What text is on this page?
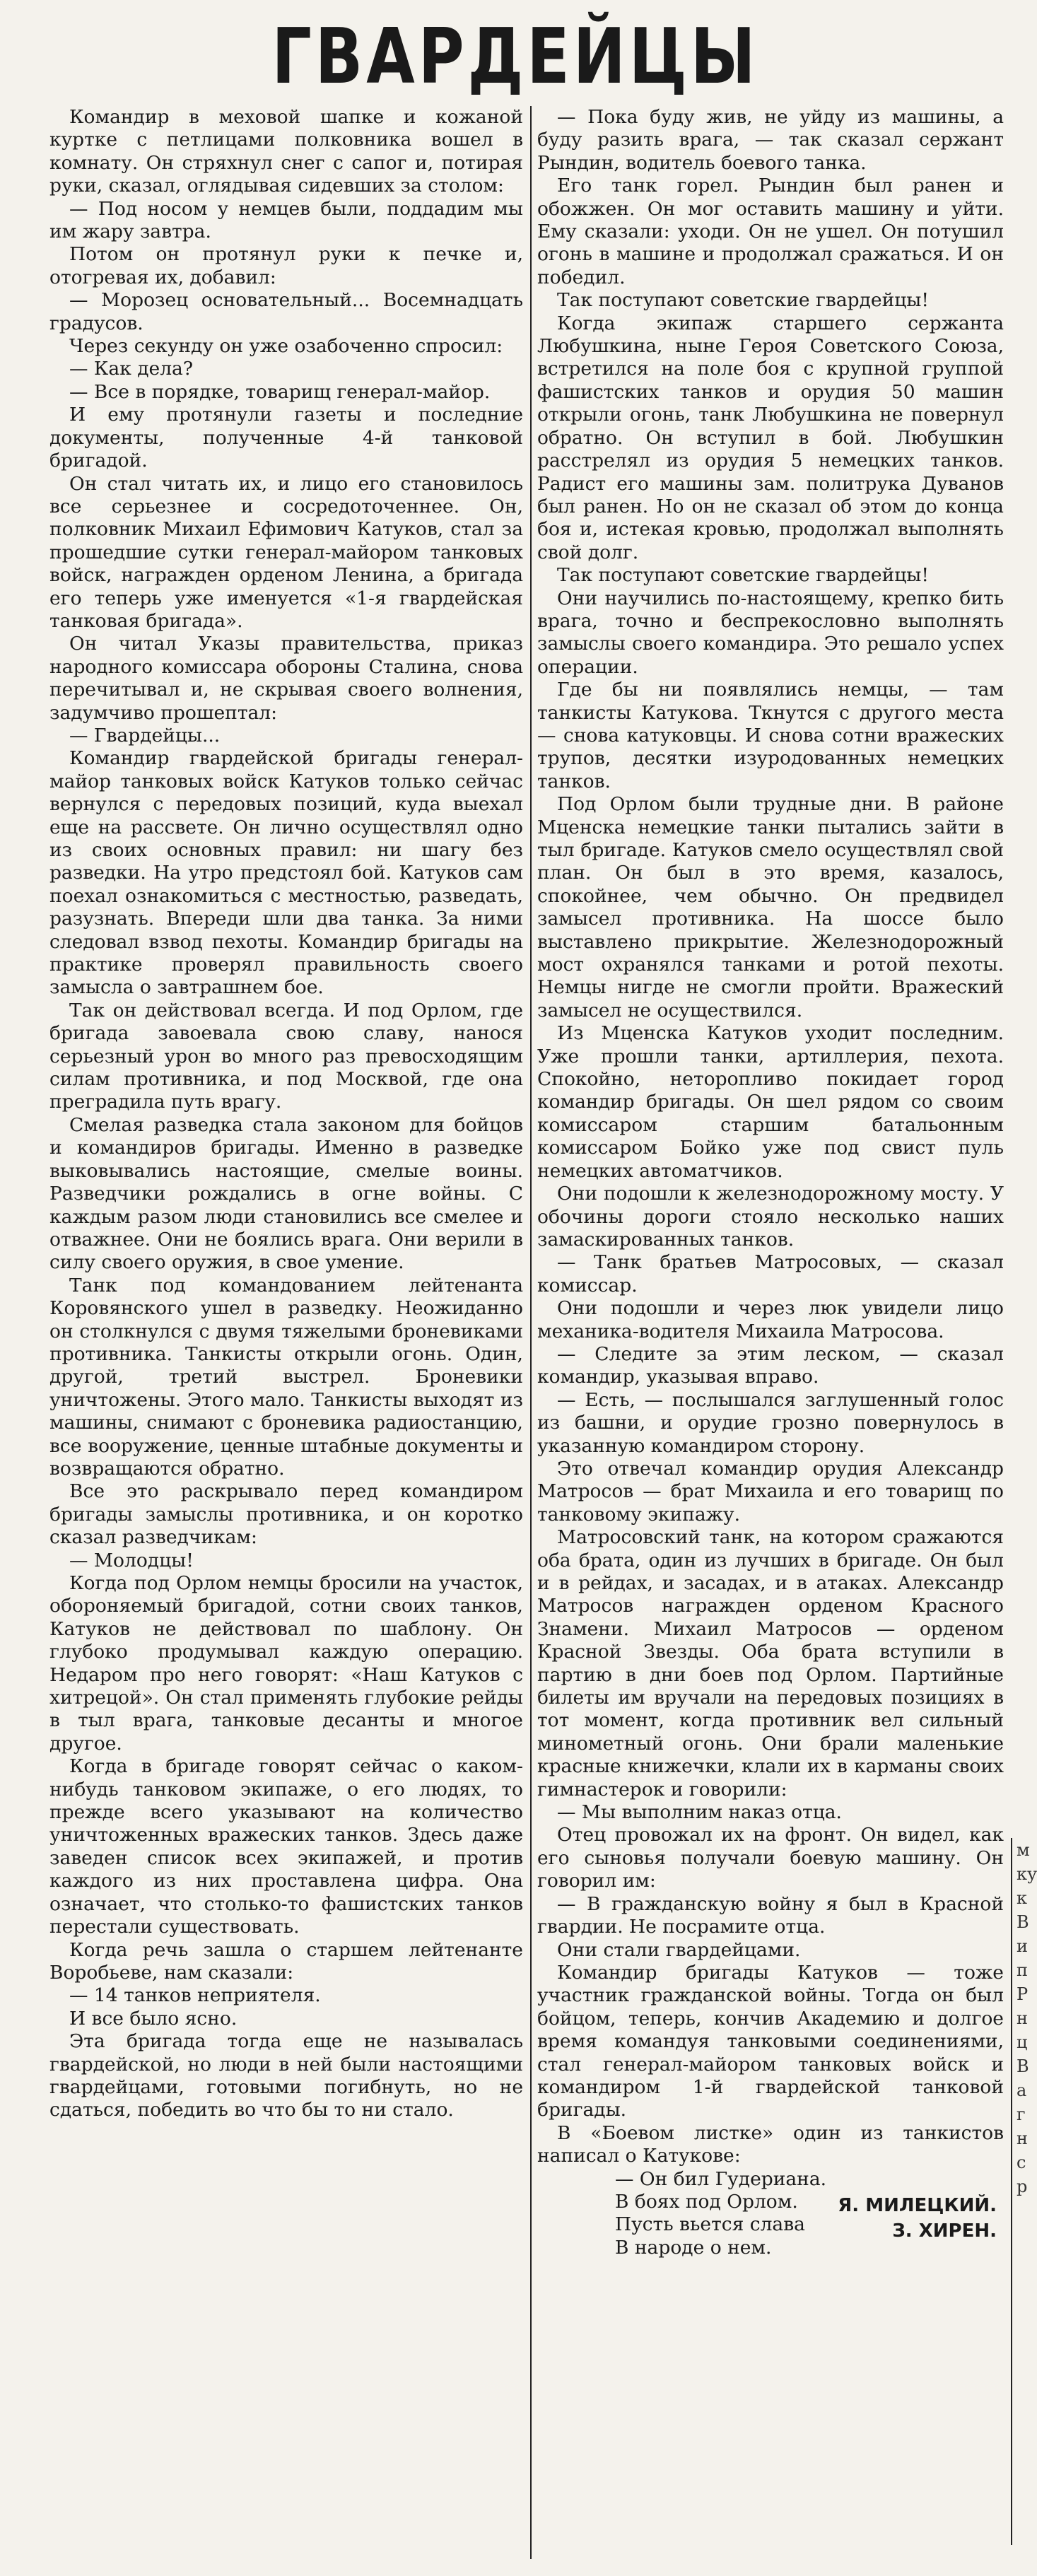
ГВАРДЕЙЦЫ

Командир в меховой шапке и кожаной куртке с петлицами полковника вошел в комнату. Он стряхнул снег с сапог и, потирая руки, сказал, оглядывая сидевших за столом:

— Под носом у немцев были, поддадим мы им жару завтра.

Потом он протянул руки к печке и, отогревая их, добавил:

— Морозец основательный... Восемнадцать градусов.

Через секунду он уже озабоченно спросил:

— Как дела?

— Все в порядке, товарищ генерал-майор.

И ему протянули газеты и последние документы, полученные 4-й танковой бригадой.

Он стал читать их, и лицо его становилось все серьезнее и сосредоточеннее. Он, полковник Михаил Ефимович Катуков, стал за прошедшие сутки генерал-майором танковых войск, награжден орденом Ленина, а бригада его теперь уже именуется «1-я гвардейская танковая бригада».

Он читал Указы правительства, приказ народного комиссара обороны Сталина, снова перечитывал и, не скрывая своего волнения, задумчиво прошептал:

— Гвардейцы...

Командир гвардейской бригады генерал-майор танковых войск Катуков только сейчас вернулся с передовых позиций, куда выехал еще на рассвете. Он лично осуществлял одно из своих основных правил: ни шагу без разведки. На утро предстоял бой. Катуков сам поехал ознакомиться с местностью, разведать, разузнать. Впереди шли два танка. За ними следовал взвод пехоты. Командир бригады на практике проверял правильность своего замысла о завтрашнем бое.

Так он действовал всегда. И под Орлом, где бригада завоевала свою славу, нанося серьезный урон во много раз превосходящим силам противника, и под Москвой, где она преградила путь врагу.

Смелая разведка стала законом для бойцов и командиров бригады. Именно в разведке выковывались настоящие, смелые воины. Разведчики рождались в огне войны. С каждым разом люди становились все смелее и отважнее. Они не боялись врага. Они верили в силу своего оружия, в свое умение.

Танк под командованием лейтенанта Коровянского ушел в разведку. Неожиданно он столкнулся с двумя тяжелыми броневиками противника. Танкисты открыли огонь. Один, другой, третий выстрел. Броневики уничтожены. Этого мало. Танкисты выходят из машины, снимают с броневика радиостанцию, все вооружение, ценные штабные документы и возвращаются обратно.

Все это раскрывало перед командиром бригады замыслы противника, и он коротко сказал разведчикам:

— Молодцы!

Когда под Орлом немцы бросили на участок, обороняемый бригадой, сотни своих танков, Катуков не действовал по шаблону. Он глубоко продумывал каждую операцию. Недаром про него говорят: «Наш Катуков с хитрецой». Он стал применять глубокие рейды в тыл врага, танковые десанты и многое другое.

Когда в бригаде говорят сейчас о каком-нибудь танковом экипаже, о его людях, то прежде всего указывают на количество уничтоженных вражеских танков. Здесь даже заведен список всех экипажей, и против каждого из них проставлена цифра. Она означает, что столько-то фашистских танков перестали существовать.

Когда речь зашла о старшем лейтенанте Воробьеве, нам сказали:

— 14 танков неприятеля.

И все было ясно.

Эта бригада тогда еще не называлась гвардейской, но люди в ней были настоящими гвардейцами, готовыми погибнуть, но не сдаться, победить во что бы то ни стало.

— Пока буду жив, не уйду из машины, а буду разить врага, — так сказал сержант Рындин, водитель боевого танка.

Его танк горел. Рындин был ранен и обожжен. Он мог оставить машину и уйти. Ему сказали: уходи. Он не ушел. Он потушил огонь в машине и продолжал сражаться. И он победил.

Так поступают советские гвардейцы!

Когда экипаж старшего сержанта Любушкина, ныне Героя Советского Союза, встретился на поле боя с крупной группой фашистских танков и орудия 50 машин открыли огонь, танк Любушкина не повернул обратно. Он вступил в бой. Любушкин расстрелял из орудия 5 немецких танков. Радист его машины зам. политрука Дуванов был ранен. Но он не сказал об этом до конца боя и, истекая кровью, продолжал выполнять свой долг.

Так поступают советские гвардейцы!

Они научились по-настоящему, крепко бить врага, точно и беспрекословно выполнять замыслы своего командира. Это решало успех операции.

Где бы ни появлялись немцы, — там танкисты Катукова. Ткнутся с другого места — снова катуковцы. И снова сотни вражеских трупов, десятки изуродованных немецких танков.

Под Орлом были трудные дни. В районе Мценска немецкие танки пытались зайти в тыл бригаде. Катуков смело осуществлял свой план. Он был в это время, казалось, спокойнее, чем обычно. Он предвидел замысел противника. На шоссе было выставлено прикрытие. Железнодорожный мост охранялся танками и ротой пехоты. Немцы нигде не смогли пройти. Вражеский замысел не осуществился.

Из Мценска Катуков уходит последним. Уже прошли танки, артиллерия, пехота. Спокойно, неторопливо покидает город командир бригады. Он шел рядом со своим комиссаром старшим батальонным комиссаром Бойко уже под свист пуль немецких автоматчиков.

Они подошли к железнодорожному мосту. У обочины дороги стояло несколько наших замаскированных танков.

— Танк братьев Матросовых, — сказал комиссар.

Они подошли и через люк увидели лицо механика-водителя Михаила Матросова.

— Следите за этим леском, — сказал командир, указывая вправо.

— Есть, — послышался заглушенный голос из башни, и орудие грозно повернулось в указанную командиром сторону.

Это отвечал командир орудия Александр Матросов — брат Михаила и его товарищ по танковому экипажу.

Матросовский танк, на котором сражаются оба брата, один из лучших в бригаде. Он был и в рейдах, и засадах, и в атаках. Александр Матросов награжден орденом Красного Знамени. Михаил Матросов — орденом Красной Звезды. Оба брата вступили в партию в дни боев под Орлом. Партийные билеты им вручали на передовых позициях в тот момент, когда противник вел сильный минометный огонь. Они брали маленькие красные книжечки, клали их в карманы своих гимнастерок и говорили:

— Мы выполним наказ отца.

Отец провожал их на фронт. Он видел, как его сыновья получали боевую машину. Он говорил им:

— В гражданскую войну я был в Красной гвардии. Не посрамите отца.

Они стали гвардейцами.

Командир бригады Катуков — тоже участник гражданской войны. Тогда он был бойцом, теперь, кончив Академию и долгое время командуя танковыми соединениями, стал генерал-майором танковых войск и командиром 1-й гвардейской танковой бригады.

В «Боевом листке» один из танкистов написал о Катукове:

— Он бил Гудериана.

В боях под Орлом.

Пусть вьется слава

В народе о нем.

Я. МИЛЕЦКИЙ.
З. ХИРЕН.
м
ку
к
В
и
п
Р
н
ц
В
а
г
н
с
р
